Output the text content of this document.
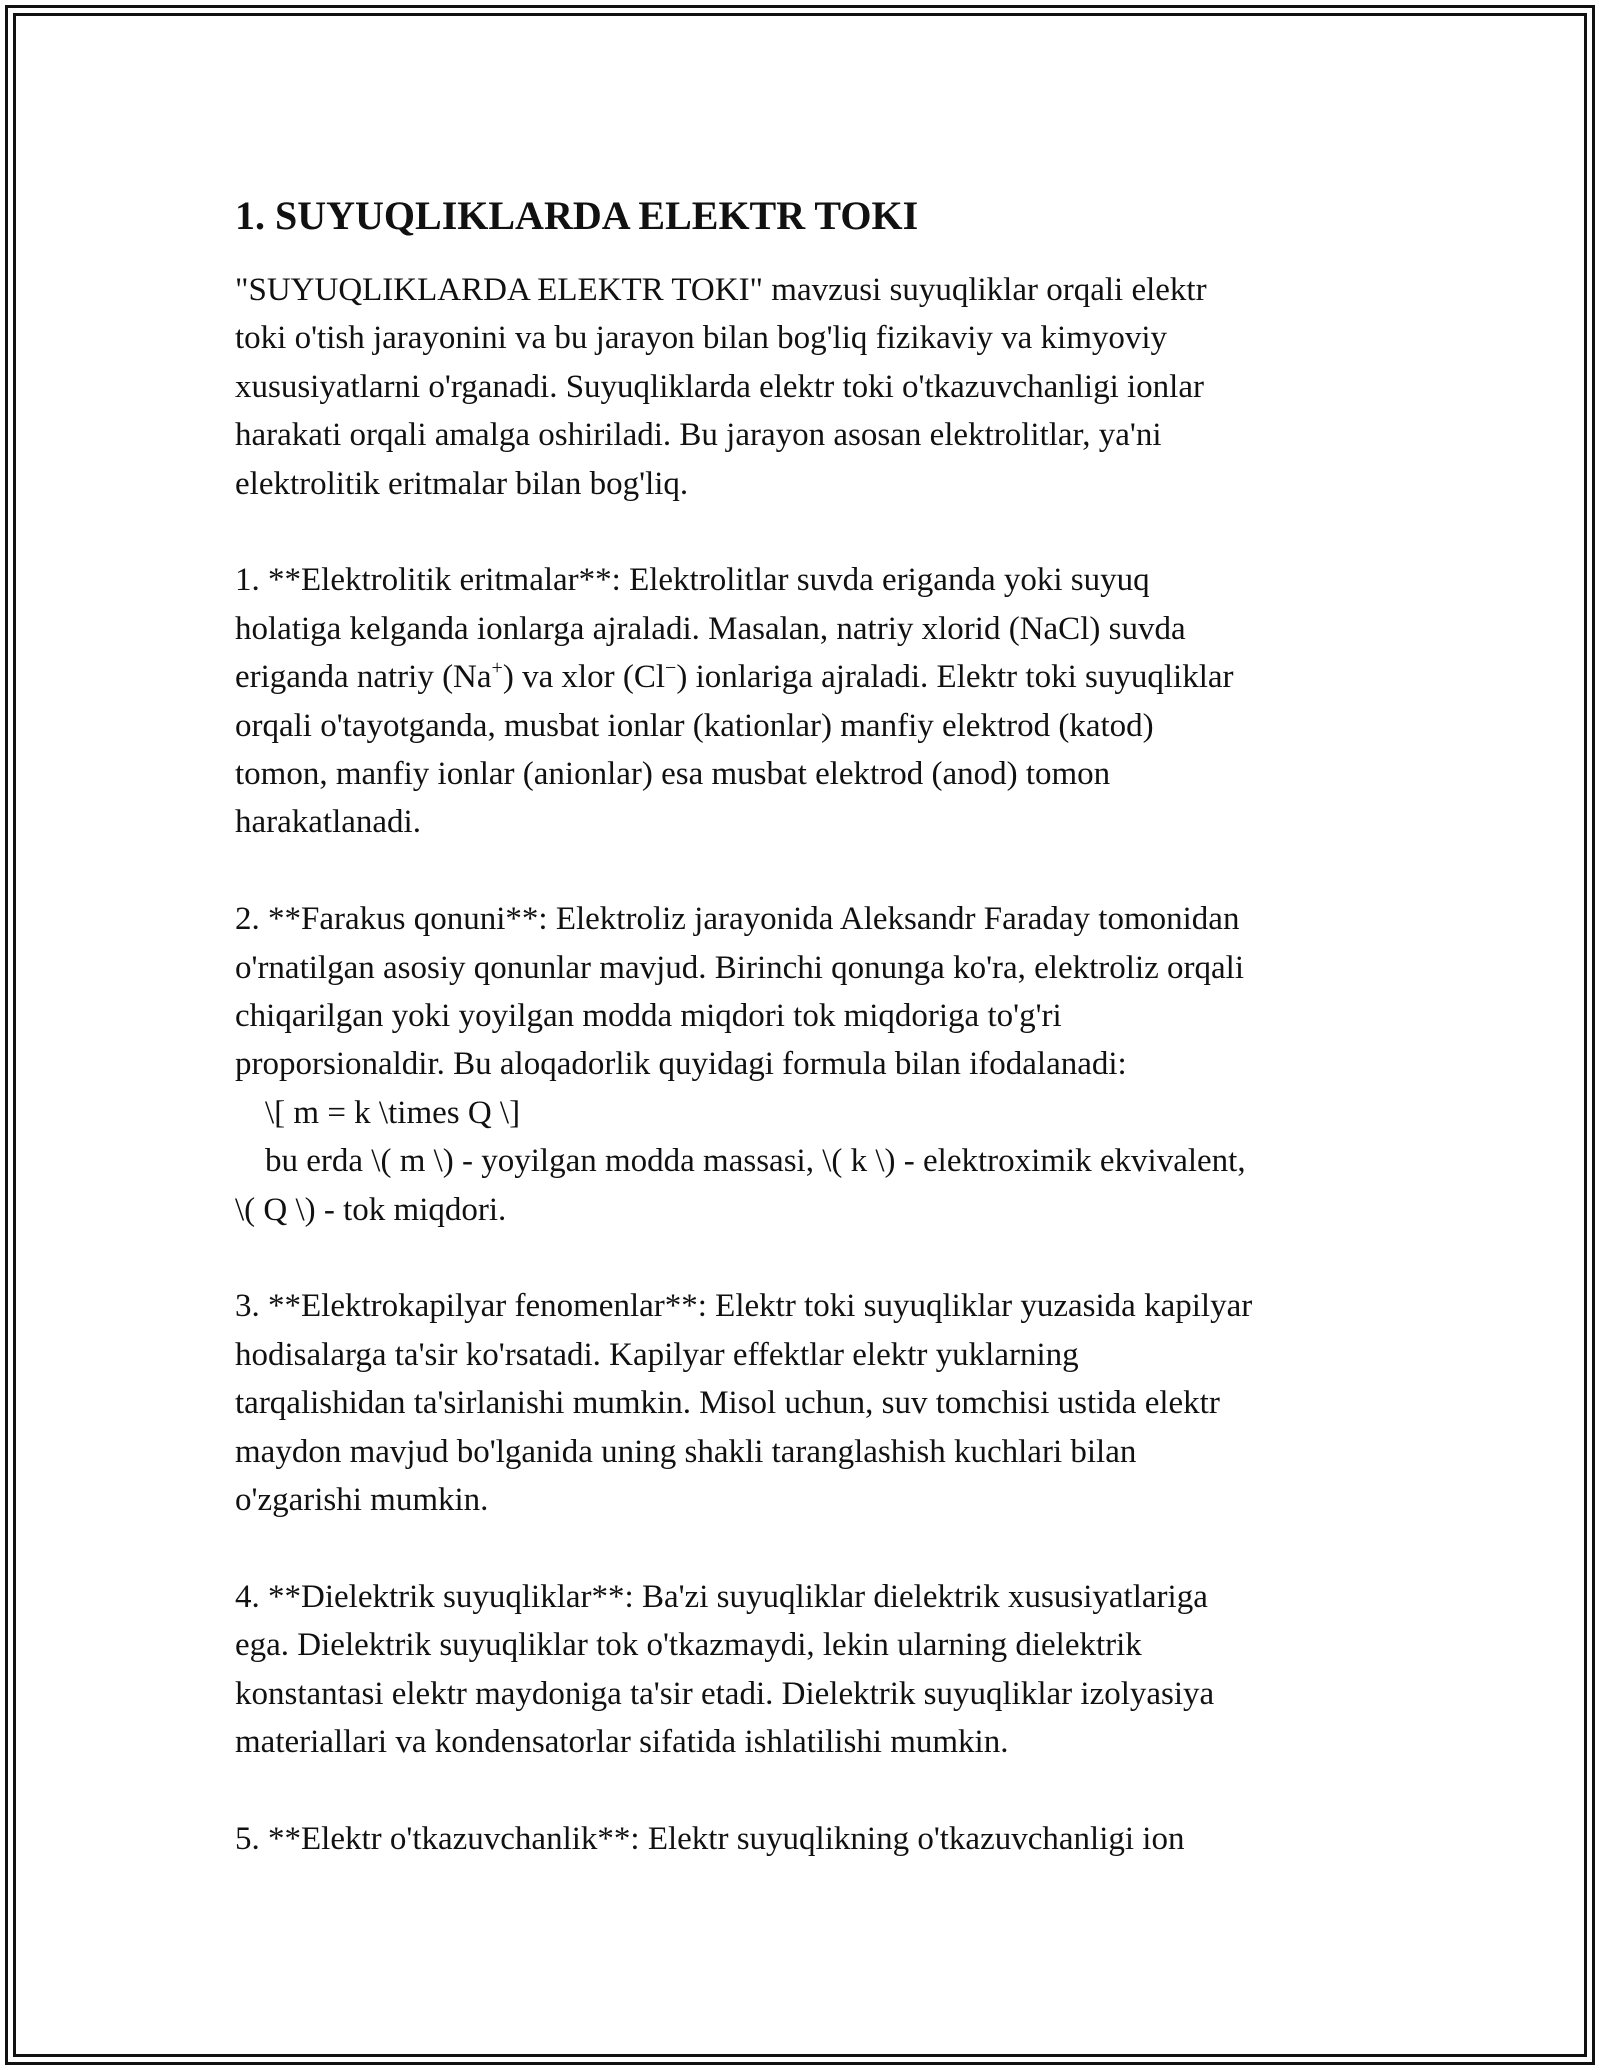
1. SUYUQLIKLARDA ELEKTR TOKI

"SUYUQLIKLARDA ELEKTR TOKI" mavzusi suyuqliklar orqali elektr

toki o'tish jarayonini va bu jarayon bilan bog'liq fizikaviy va kimyoviy

xususiyatlarni o'rganadi. Suyuqliklarda elektr toki o'tkazuvchanligi ionlar

harakati orqali amalga oshiriladi. Bu jarayon asosan elektrolitlar, ya'ni

elektrolitik eritmalar bilan bog'liq.

1. **Elektrolitik eritmalar**: Elektrolitlar suvda eriganda yoki suyuq

holatiga kelganda ionlarga ajraladi. Masalan, natriy xlorid (NaCl) suvda

eriganda natriy (Na+) va xlor (Cl−) ionlariga ajraladi. Elektr toki suyuqliklar

orqali o'tayotganda, musbat ionlar (kationlar) manfiy elektrod (katod)

tomon, manfiy ionlar (anionlar) esa musbat elektrod (anod) tomon

harakatlanadi.

2. **Farakus qonuni**: Elektroliz jarayonida Aleksandr Faraday tomonidan

o'rnatilgan asosiy qonunlar mavjud. Birinchi qonunga ko'ra, elektroliz orqali

chiqarilgan yoki yoyilgan modda miqdori tok miqdoriga to'g'ri

proporsionaldir. Bu aloqadorlik quyidagi formula bilan ifodalanadi:

\[ m = k \times Q \]

bu erda \( m \) - yoyilgan modda massasi, \( k \) - elektroximik ekvivalent,

\( Q \) - tok miqdori.

3. **Elektrokapilyar fenomenlar**: Elektr toki suyuqliklar yuzasida kapilyar

hodisalarga ta'sir ko'rsatadi. Kapilyar effektlar elektr yuklarning

tarqalishidan ta'sirlanishi mumkin. Misol uchun, suv tomchisi ustida elektr

maydon mavjud bo'lganida uning shakli taranglashish kuchlari bilan

o'zgarishi mumkin.

4. **Dielektrik suyuqliklar**: Ba'zi suyuqliklar dielektrik xususiyatlariga

ega. Dielektrik suyuqliklar tok o'tkazmaydi, lekin ularning dielektrik

konstantasi elektr maydoniga ta'sir etadi. Dielektrik suyuqliklar izolyasiya

materiallari va kondensatorlar sifatida ishlatilishi mumkin.

5. **Elektr o'tkazuvchanlik**: Elektr suyuqlikning o'tkazuvchanligi ion
